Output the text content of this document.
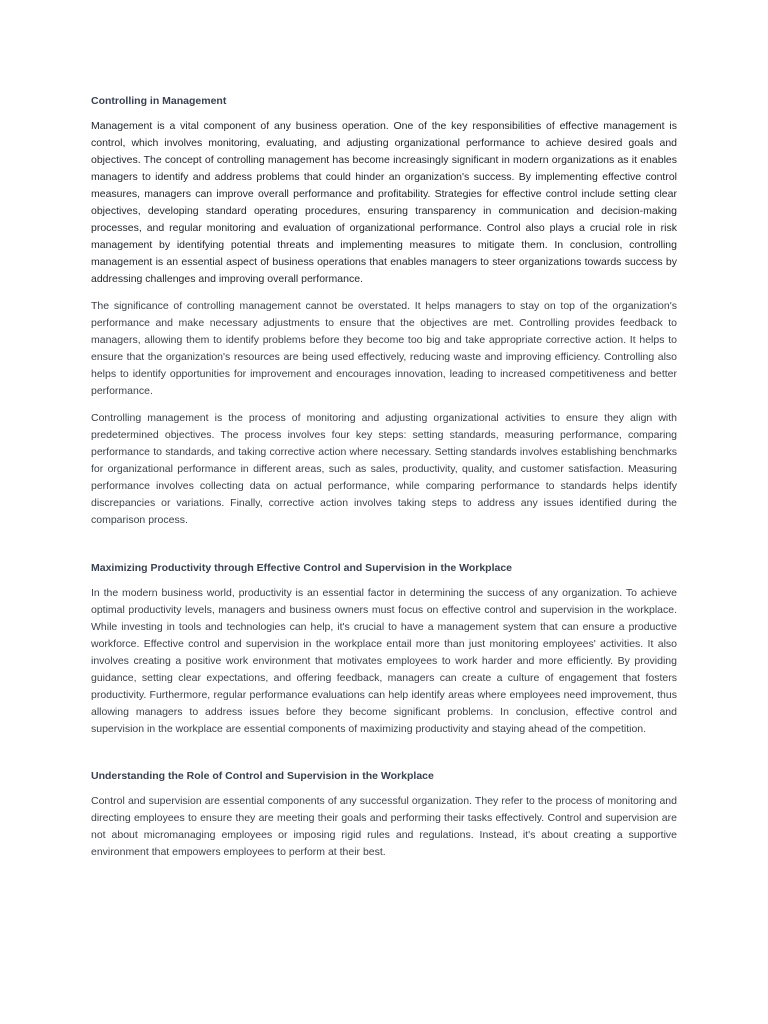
Controlling in Management

Management is a vital component of any business operation. One of the key responsibilities of effective management is control, which involves monitoring, evaluating, and adjusting organizational performance to achieve desired goals and objectives. The concept of controlling management has become increasingly significant in modern organizations as it enables managers to identify and address problems that could hinder an organization's success. By implementing effective control measures, managers can improve overall performance and profitability. Strategies for effective control include setting clear objectives, developing standard operating procedures, ensuring transparency in communication and decision-making processes, and regular monitoring and evaluation of organizational performance. Control also plays a crucial role in risk management by identifying potential threats and implementing measures to mitigate them. In conclusion, controlling management is an essential aspect of business operations that enables managers to steer organizations towards success by addressing challenges and improving overall performance.

The significance of controlling management cannot be overstated. It helps managers to stay on top of the organization's performance and make necessary adjustments to ensure that the objectives are met. Controlling provides feedback to managers, allowing them to identify problems before they become too big and take appropriate corrective action. It helps to ensure that the organization's resources are being used effectively, reducing waste and improving efficiency. Controlling also helps to identify opportunities for improvement and encourages innovation, leading to increased competitiveness and better performance.

Controlling management is the process of monitoring and adjusting organizational activities to ensure they align with predetermined objectives. The process involves four key steps: setting standards, measuring performance, comparing performance to standards, and taking corrective action where necessary. Setting standards involves establishing benchmarks for organizational performance in different areas, such as sales, productivity, quality, and customer satisfaction. Measuring performance involves collecting data on actual performance, while comparing performance to standards helps identify discrepancies or variations. Finally, corrective action involves taking steps to address any issues identified during the comparison process.

Maximizing Productivity through Effective Control and Supervision in the Workplace

In the modern business world, productivity is an essential factor in determining the success of any organization. To achieve optimal productivity levels, managers and business owners must focus on effective control and supervision in the workplace. While investing in tools and technologies can help, it's crucial to have a management system that can ensure a productive workforce. Effective control and supervision in the workplace entail more than just monitoring employees' activities. It also involves creating a positive work environment that motivates employees to work harder and more efficiently. By providing guidance, setting clear expectations, and offering feedback, managers can create a culture of engagement that fosters productivity. Furthermore, regular performance evaluations can help identify areas where employees need improvement, thus allowing managers to address issues before they become significant problems. In conclusion, effective control and supervision in the workplace are essential components of maximizing productivity and staying ahead of the competition.

Understanding the Role of Control and Supervision in the Workplace

Control and supervision are essential components of any successful organization. They refer to the process of monitoring and directing employees to ensure they are meeting their goals and performing their tasks effectively. Control and supervision are not about micromanaging employees or imposing rigid rules and regulations. Instead, it's about creating a supportive environment that empowers employees to perform at their best.
